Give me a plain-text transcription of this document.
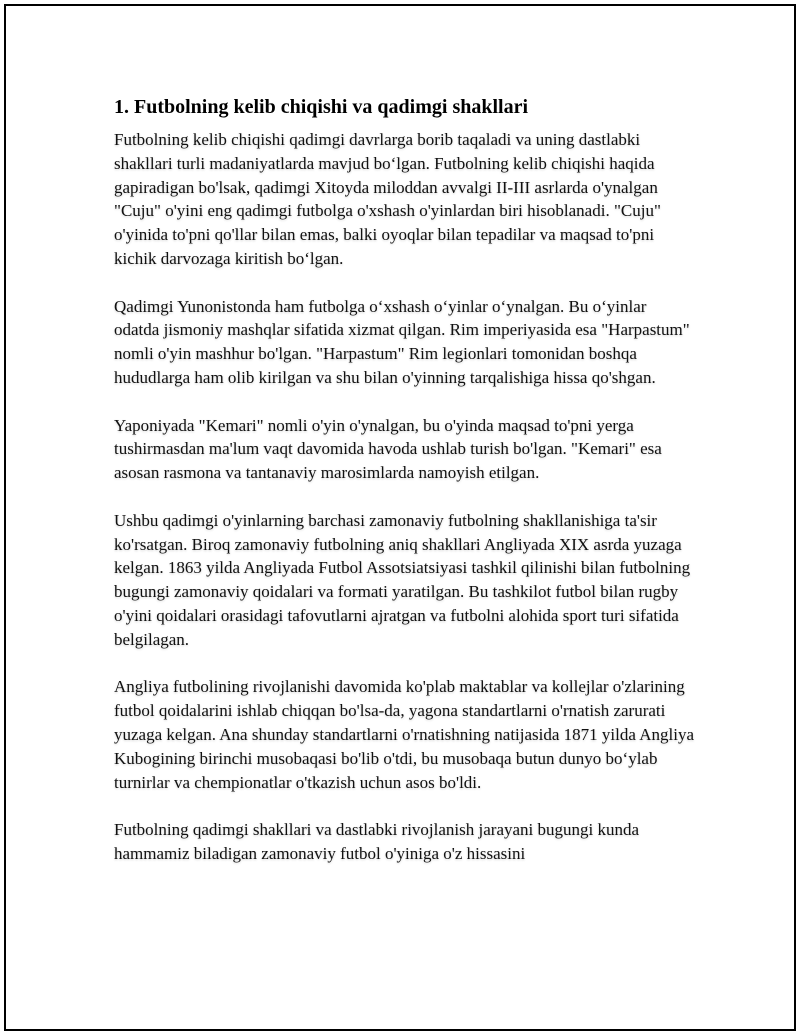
1. Futbolning kelib chiqishi va qadimgi shakllari

Futbolning kelib chiqishi qadimgi davrlarga borib taqaladi va uning dastlabki shakllari turli madaniyatlarda mavjud bo‘lgan. Futbolning kelib chiqishi haqida gapiradigan bo'lsak, qadimgi Xitoyda miloddan avvalgi II-III asrlarda o'ynalgan "Cuju" o'yini eng qadimgi futbolga o'xshash o'yinlardan biri hisoblanadi. "Cuju" o'yinida to'pni qo'llar bilan emas, balki oyoqlar bilan tepadilar va maqsad to'pni kichik darvozaga kiritish bo‘lgan.

Qadimgi Yunonistonda ham futbolga o‘xshash o‘yinlar o‘ynalgan. Bu o‘yinlar odatda jismoniy mashqlar sifatida xizmat qilgan. Rim imperiyasida esa "Harpastum" nomli o'yin mashhur bo'lgan. "Harpastum" Rim legionlari tomonidan boshqa hududlarga ham olib kirilgan va shu bilan o'yinning tarqalishiga hissa qo'shgan.

Yaponiyada "Kemari" nomli o'yin o'ynalgan, bu o'yinda maqsad to'pni yerga tushirmasdan ma'lum vaqt davomida havoda ushlab turish bo'lgan. "Kemari" esa asosan rasmona va tantanaviy marosimlarda namoyish etilgan.

Ushbu qadimgi o'yinlarning barchasi zamonaviy futbolning shakllanishiga ta'sir ko'rsatgan. Biroq zamonaviy futbolning aniq shakllari Angliyada XIX asrda yuzaga kelgan. 1863 yilda Angliyada Futbol Assotsiatsiyasi tashkil qilinishi bilan futbolning bugungi zamonaviy qoidalari va formati yaratilgan. Bu tashkilot futbol bilan rugby o'yini qoidalari orasidagi tafovutlarni ajratgan va futbolni alohida sport turi sifatida belgilagan.

Angliya futbolining rivojlanishi davomida ko'plab maktablar va kollejlar o'zlarining futbol qoidalarini ishlab chiqqan bo'lsa-da, yagona standartlarni o'rnatish zarurati yuzaga kelgan. Ana shunday standartlarni o'rnatishning natijasida 1871 yilda Angliya Kubogining birinchi musobaqasi bo'lib o'tdi, bu musobaqa butun dunyo bo‘ylab turnirlar va chempionatlar o'tkazish uchun asos bo'ldi.

Futbolning qadimgi shakllari va dastlabki rivojlanish jarayani bugungi kunda hammamiz biladigan zamonaviy futbol o'yiniga o'z hissasini
